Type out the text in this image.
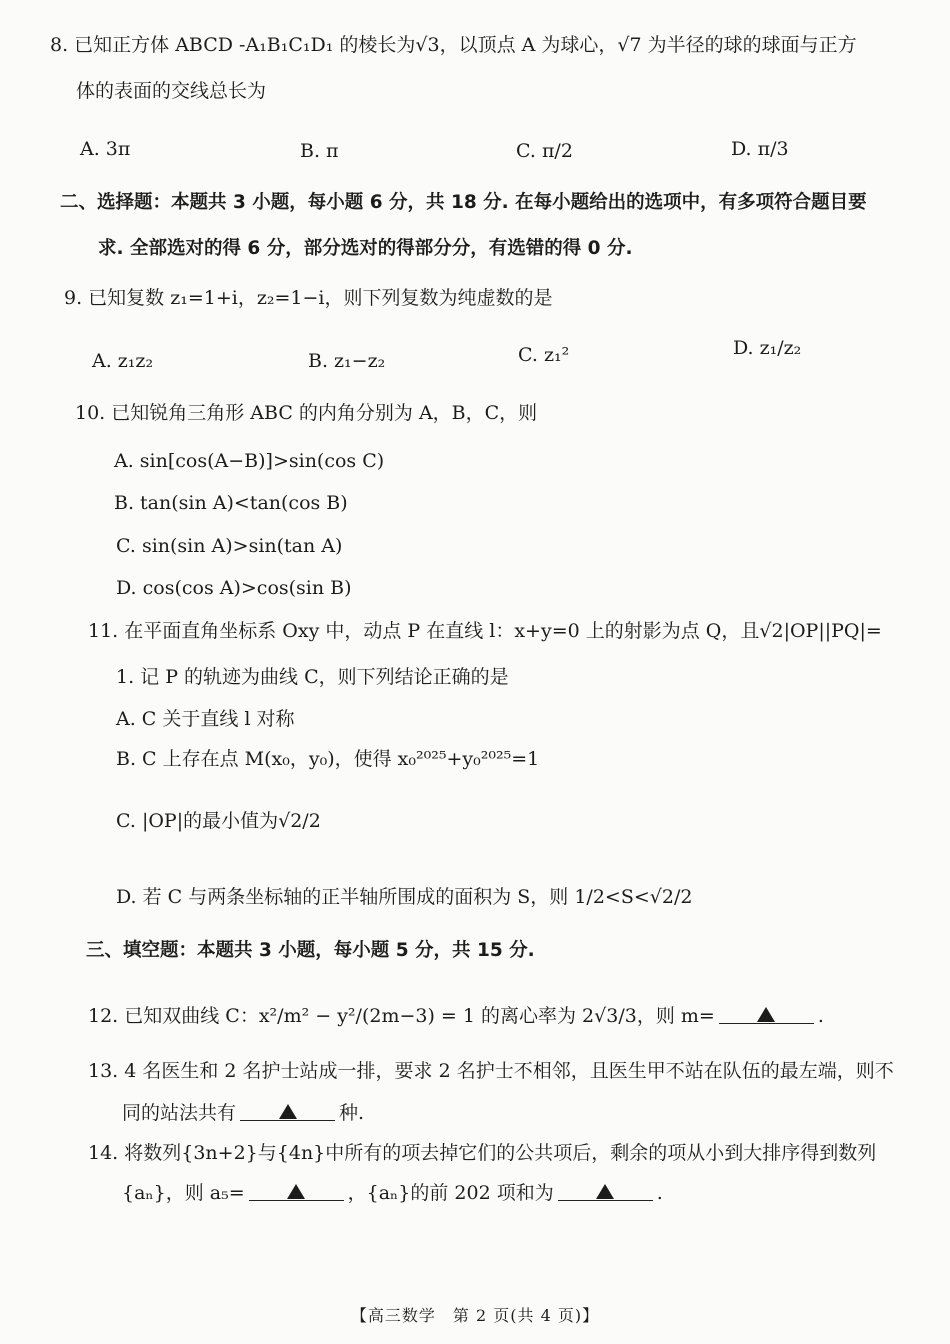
8. 已知正方体 ABCD -A₁B₁C₁D₁ 的棱长为√3，以顶点 A 为球心，√7 为半径的球的球面与正方
体的表面的交线总长为
A. 3π	B. π	C. π/2	D. π/3
二、选择题：本题共 3 小题，每小题 6 分，共 18 分. 在每小题给出的选项中，有多项符合题目要
求. 全部选对的得 6 分，部分选对的得部分分，有选错的得 0 分.
9. 已知复数 z₁=1+i，z₂=1−i，则下列复数为纯虚数的是
A. z₁z₂	B. z₁−z₂	C. z₁²	D. z₁/z₂
10. 已知锐角三角形 ABC 的内角分别为 A，B，C，则
A. sin[cos(A−B)]>sin(cos C)
B. tan(sin A)<tan(cos B)
C. sin(sin A)>sin(tan A)
D. cos(cos A)>cos(sin B)
11. 在平面直角坐标系 Oxy 中，动点 P 在直线 l：x+y=0 上的射影为点 Q，且√2|OP||PQ|=
1. 记 P 的轨迹为曲线 C，则下列结论正确的是
A. C 关于直线 l 对称
B. C 上存在点 M(x₀，y₀)，使得 x₀²⁰²⁵+y₀²⁰²⁵=1
C. |OP|的最小值为√2/2
D. 若 C 与两条坐标轴的正半轴所围成的面积为 S，则 1/2<S<√2/2
三、填空题：本题共 3 小题，每小题 5 分，共 15 分.
12. 已知双曲线 C：x²/m² − y²/(2m−3) = 1 的离心率为 2√3/3，则 m=	.
13. 4 名医生和 2 名护士站成一排，要求 2 名护士不相邻，且医生甲不站在队伍的最左端，则不
同的站法共有	种.
14. 将数列{3n+2}与{4n}中所有的项去掉它们的公共项后，剩余的项从小到大排序得到数列
{aₙ}，则 a₅=	，{aₙ}的前 202 项和为	.
【高三数学　第 2 页(共 4 页)】
